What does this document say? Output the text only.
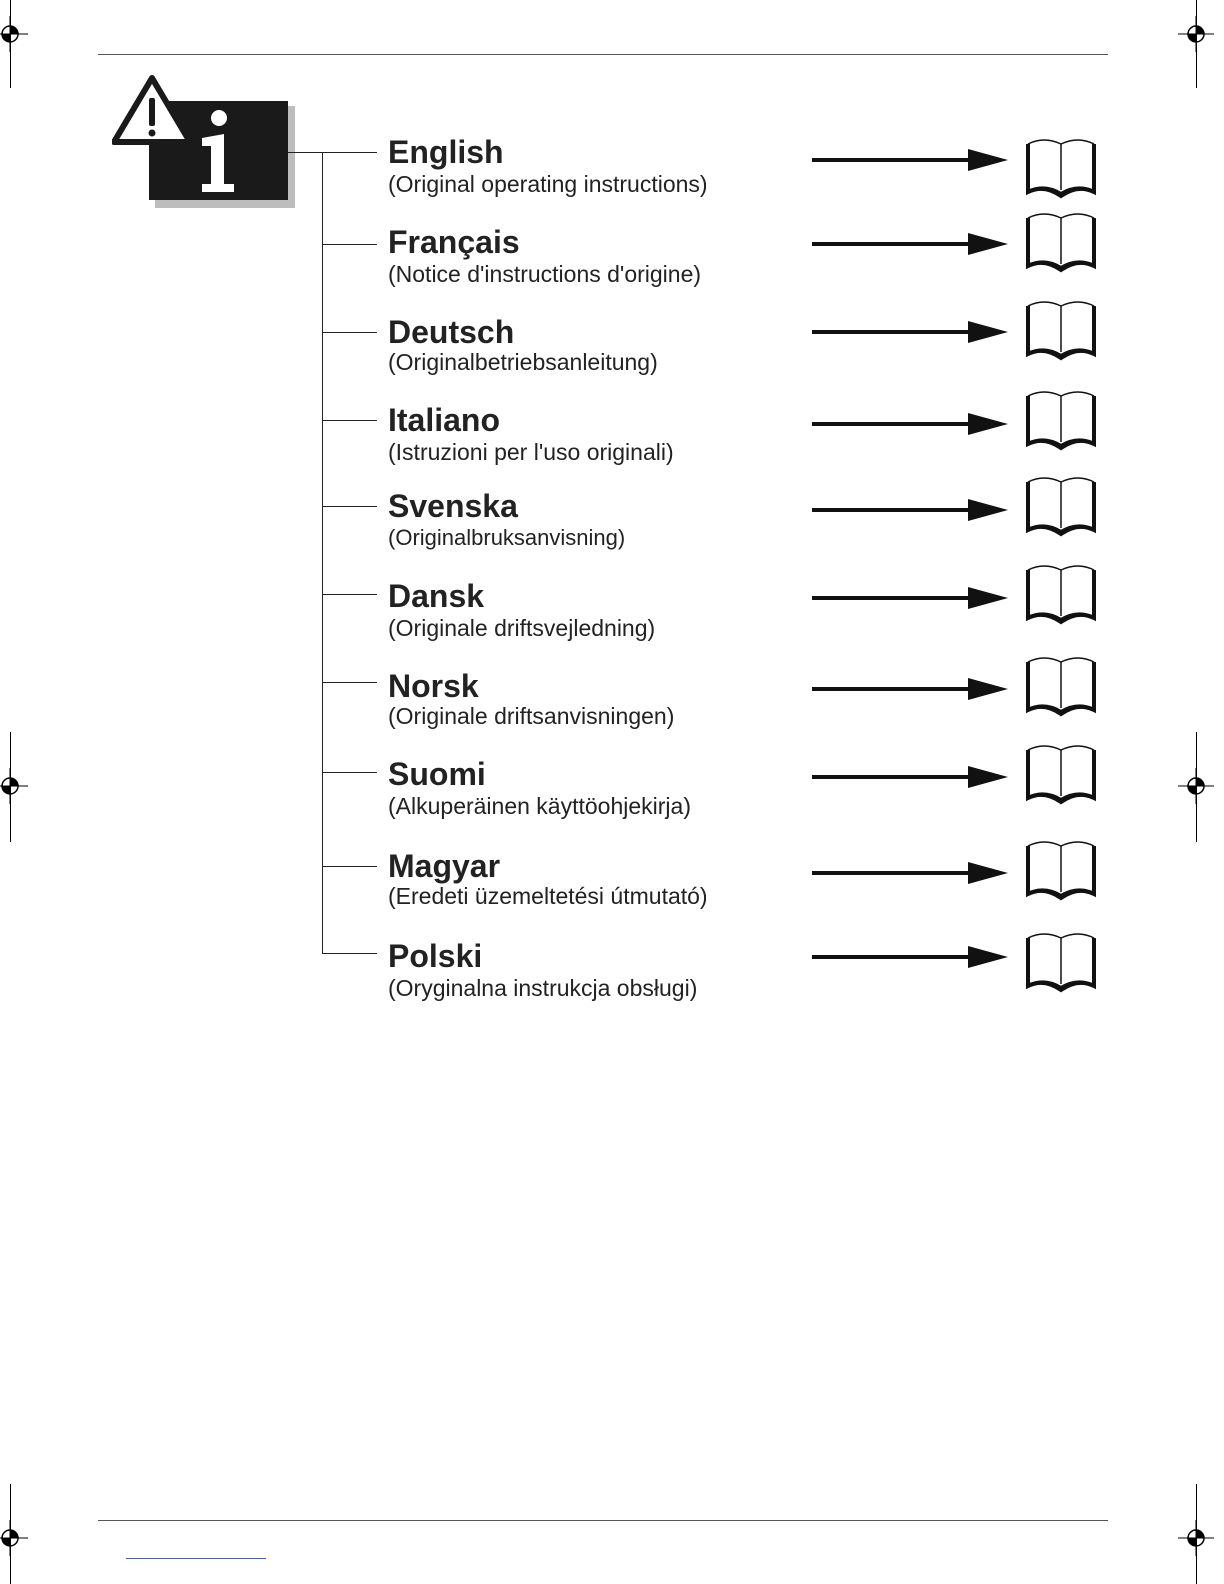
English
(Original operating instructions)
Français
(Notice d'instructions d'origine)
Deutsch
(Originalbetriebsanleitung)
Italiano
(Istruzioni per l'uso originali)
Svenska
(Originalbruksanvisning)
Dansk
(Originale driftsvejledning)
Norsk
(Originale driftsanvisningen)
Suomi
(Alkuperäinen käyttöohjekirja)
Magyar
(Eredeti üzemeltetési útmutató)
Polski
(Oryginalna instrukcja obsługi)
